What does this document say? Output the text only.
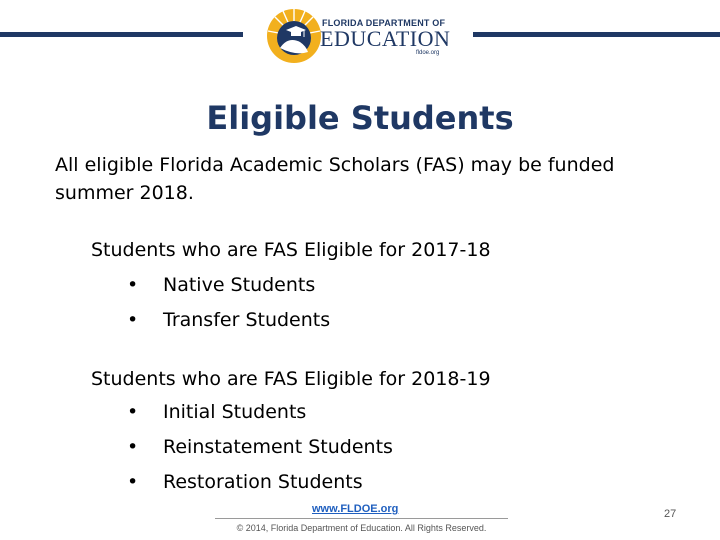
FLORIDA DEPARTMENT OF
EDUCATION
fldoe.org
Eligible Students
All eligible Florida Academic Scholars (FAS) may be funded summer 2018.
Students who are FAS Eligible for 2017-18
• Native Students
• Transfer Students
Students who are FAS Eligible for 2018-19
• Initial Students
• Reinstatement Students
• Restoration Students
www.FLDOE.org
© 2014, Florida Department of Education. All Rights Reserved.
27
